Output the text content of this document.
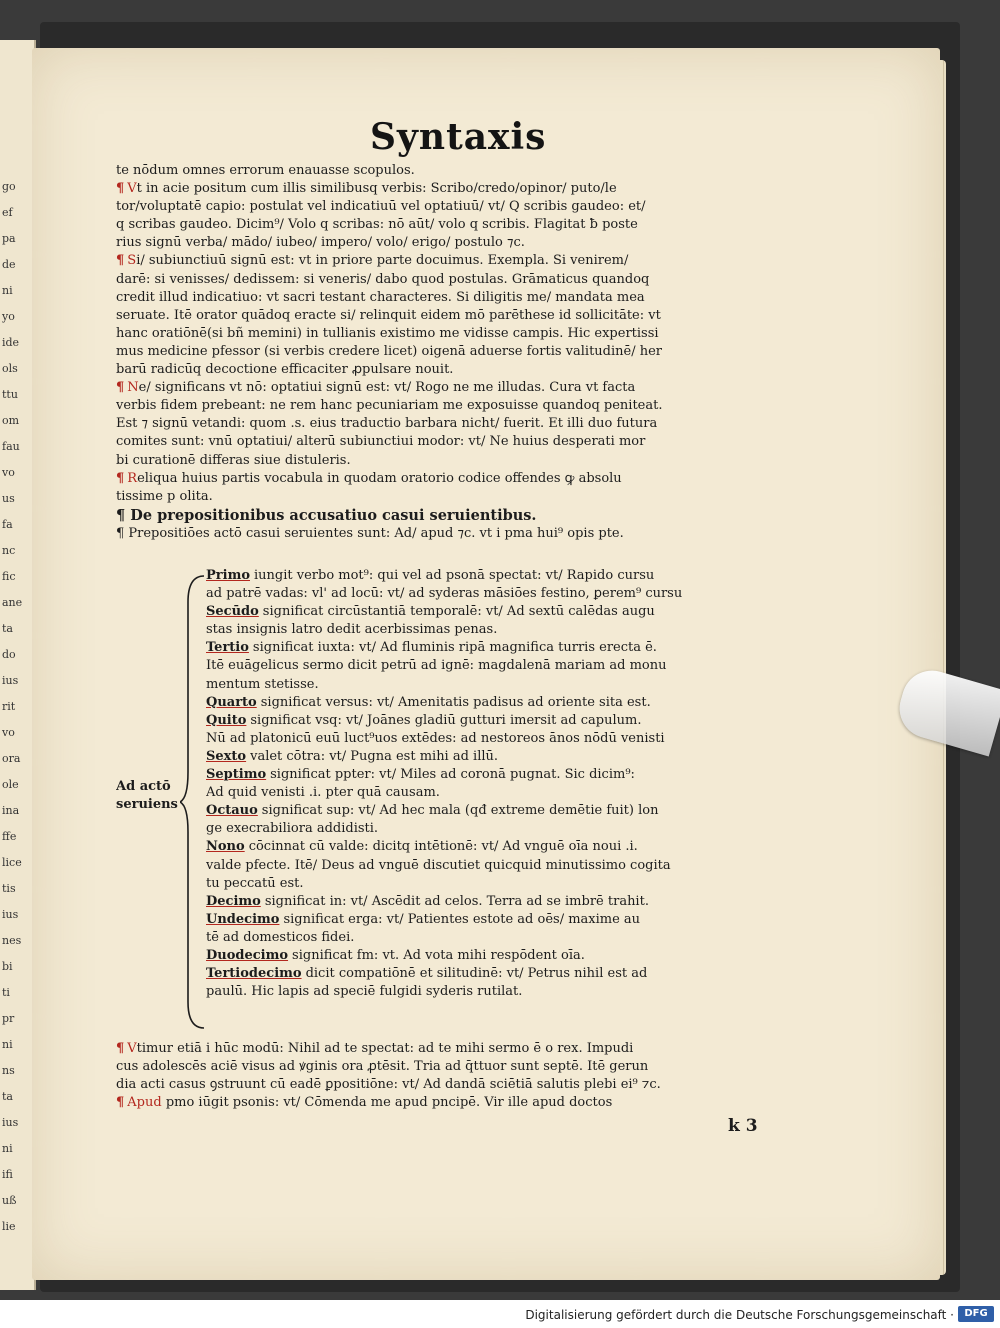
go
ef
pa
de
ni
yo
ide
ols
ttu
om
fau
vo
us
fa
nc
fic
ane
ta
do
ius
rit
vo
ora
ole
ina
ffe
lice
tis
ius
nes
bi
ti
pr
ni
ns
ta
ius
ni
ifi
uß
lie
Syntaxis
te nōdum omnes errorum enauasse scopulos.
¶ Vt in acie positum cum illis similibusq verbis: Scribo/credo/opinor/ puto/le
tor/voluptatē capio: postulat vel indicatiuū vel optatiuū/ vt/ Q scribis gaudeo: et/
q scribas gaudeo. Dicim⁹/ Volo q scribas: nō aūt/ volo q scribis. Flagitat ƀ poste
rius signū verba/ mādo/ iubeo/ impero/ volo/ erigo/ postulo ⁊c.
¶ Si/ subiunctiuū signū est: vt in priore parte docuimus. Exempla. Si venirem/
darē: si venisses/ dedissem: si veneris/ dabo quod postulas. Grāmaticus quandoq
credit illud indicatiuo: vt sacri testant̄ characteres. Si diligitis me/ mandata mea
seruate. Itē orator quādoq eracte si/ relinquit eidem mō parēthese id sollicitāte: vt
hanc oratiōnē(si bñ memini) in tullianis existimo me vidisse campis. Hic expertissi
mus medicine pfessor (si verbis credere licet) oigenā aduerse fortis valitudinē/ her
barū radicūq decoctione efficaciter ꝓpulsare nouit.
¶ Ne/ significans vt nō: optatiui signū est: vt/ Rogo ne me illudas. Cura vt facta
verbis fidem prebeant: ne rem hanc pecuniariam me exposuisse quandoq peniteat.
Est ⁊ signū vetandi: quom .s. eius traductio barbara nicht/ fuerit. Et illi duo futura
comites sunt: vnū optatiui/ alterū subiunctiui modor: vt/ Ne huius desperati mor
bi curationē differas siue distuleris.
¶ Reliqua huius partis vocabula in quodam oratorio codice offendes ꝙ absolu
tissime p olita.
¶ De prepositionibus accusatiuo casui seruientibus.
¶ Prepositiōes actō casui seruientes sunt: Ad/ apud ⁊c. vt i pma hui⁹ opis pte.
Ad actō
seruiens
Primo iungit̄ verbo mot⁹: qui vel ad psonā spectat: vt/ Rapido cursu
ad patrē vadas: vl' ad locū: vt/ ad syderas māsiōes festino, ꝑerem⁹ cursu
Secūdo significat circūstantiā temporalē: vt/ Ad sextū calēdas augu
stas insignis latro dedit acerbissimas penas.
Tertio significat iuxta: vt/ Ad fluminis ripā magnifica turris erecta ē.
Itē euāgelicus sermo dicit petrū ad ignē: magdalenā mariam ad monu
mentum stetisse.
Quarto significat versus: vt/ Amenitatis padisus ad oriente sita est.
Quito significat vsq: vt/ Joānes gladiū gutturi imersit ad capulum.
Nū ad platonicū euū luct⁹uos extēdes: ad nestoreos ānos nōdū venisti
Sexto valet cōtra: vt/ Pugna est mihi ad illū.
Septimo significat ppter: vt/ Miles ad coronā pugnat. Sic dicim⁹:
Ad quid venisti .i. pter quā causam.
Octauo significat sup: vt/ Ad hec mala (qđ extreme demētie fuit) lon
ge execrabiliora addidisti.
Nono cōcinnat cū valde: dicitq intētionē: vt/ Ad vnguē oīa noui .i.
valde pfecte. Itē/ Deus ad vnguē discutiet quicquid minutissimo cogita
tu peccatū est.
Decimo significat in: vt/ Ascēdit ad celos. Terra ad se imbrē trahit.
Undecimo significat erga: vt/ Patientes estote ad oēs/ maxime au
tē ad domesticos fidei.
Duodecimo significat f̄m: vt. Ad vota mihi respōdent oīa.
Tertiodecimo dicit compatiōnē et silitudinē: vt/ Petrus nihil est ad
paulū. Hic lapis ad speciē fulgidi syderis rutilat.
¶ Vtimur etiā i hūc modū: Nihil ad te spectat: ad te mihi sermo ē o rex. Impudi
cus adolescēs aciē visus ad ꝟginis ora ꝓtēsit. Tria ad q̄ttuor sunt septē. Itē gerun
dia acti casus ꝯstruunt̄ cū eadē ꝑpositiōne: vt/ Ad dandā sciētiā salutis plebi ei⁹ ⁊c.
¶ Apud pmo iūgit̄ psonis: vt/ Cōmenda me apud pncipē. Vir ille apud doctos
k 3
Digitalisierung gefördert durch die Deutsche Forschungsgemeinschaft ·	DFG
